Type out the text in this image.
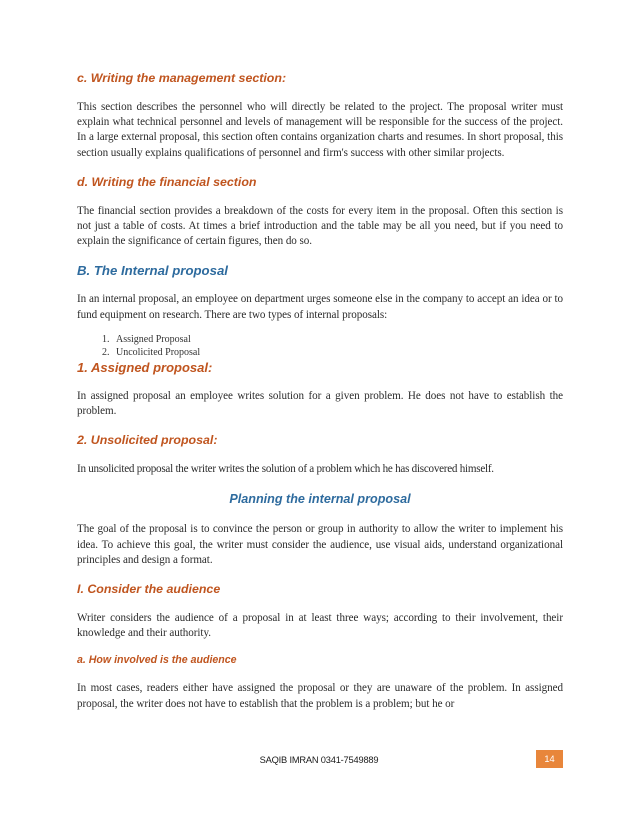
c. Writing the management section:

This section describes the personnel who will directly be related to the project. The proposal writer must explain what technical personnel and levels of management will be responsible for the success of the project. In a large external proposal, this section often contains organization charts and resumes. In short proposal, this section usually explains qualifications of personnel and firm's success with other similar projects.

d. Writing the financial section

The financial section provides a breakdown of the costs for every item in the proposal. Often this section is not just a table of costs. At times a brief introduction and the table may be all you need, but if you need to explain the significance of certain figures, then do so.

B. The Internal proposal

In an internal proposal, an employee on department urges someone else in the company to accept an idea or to fund equipment on research. There are two types of internal proposals:

1. Assigned Proposal
2. Uncolicited Proposal
1. Assigned proposal:

In assigned proposal an employee writes solution for a given problem. He does not have to establish the problem.

2. Unsolicited proposal:

In unsolicited proposal the writer writes the solution of a problem which he has discovered himself.

Planning the internal proposal

The goal of the proposal is to convince the person or group in authority to allow the writer to implement his idea. To achieve this goal, the writer must consider the audience, use visual aids, understand organizational principles and design a format.

I. Consider the audience

Writer considers the audience of a proposal in at least three ways; according to their involvement, their knowledge and their authority.

a. How involved is the audience

In most cases, readers either have assigned the proposal or they are unaware of the problem. In assigned proposal, the writer does not have to establish that the problem is a problem; but he or

SAQIB IMRAN 0341-7549889	14
